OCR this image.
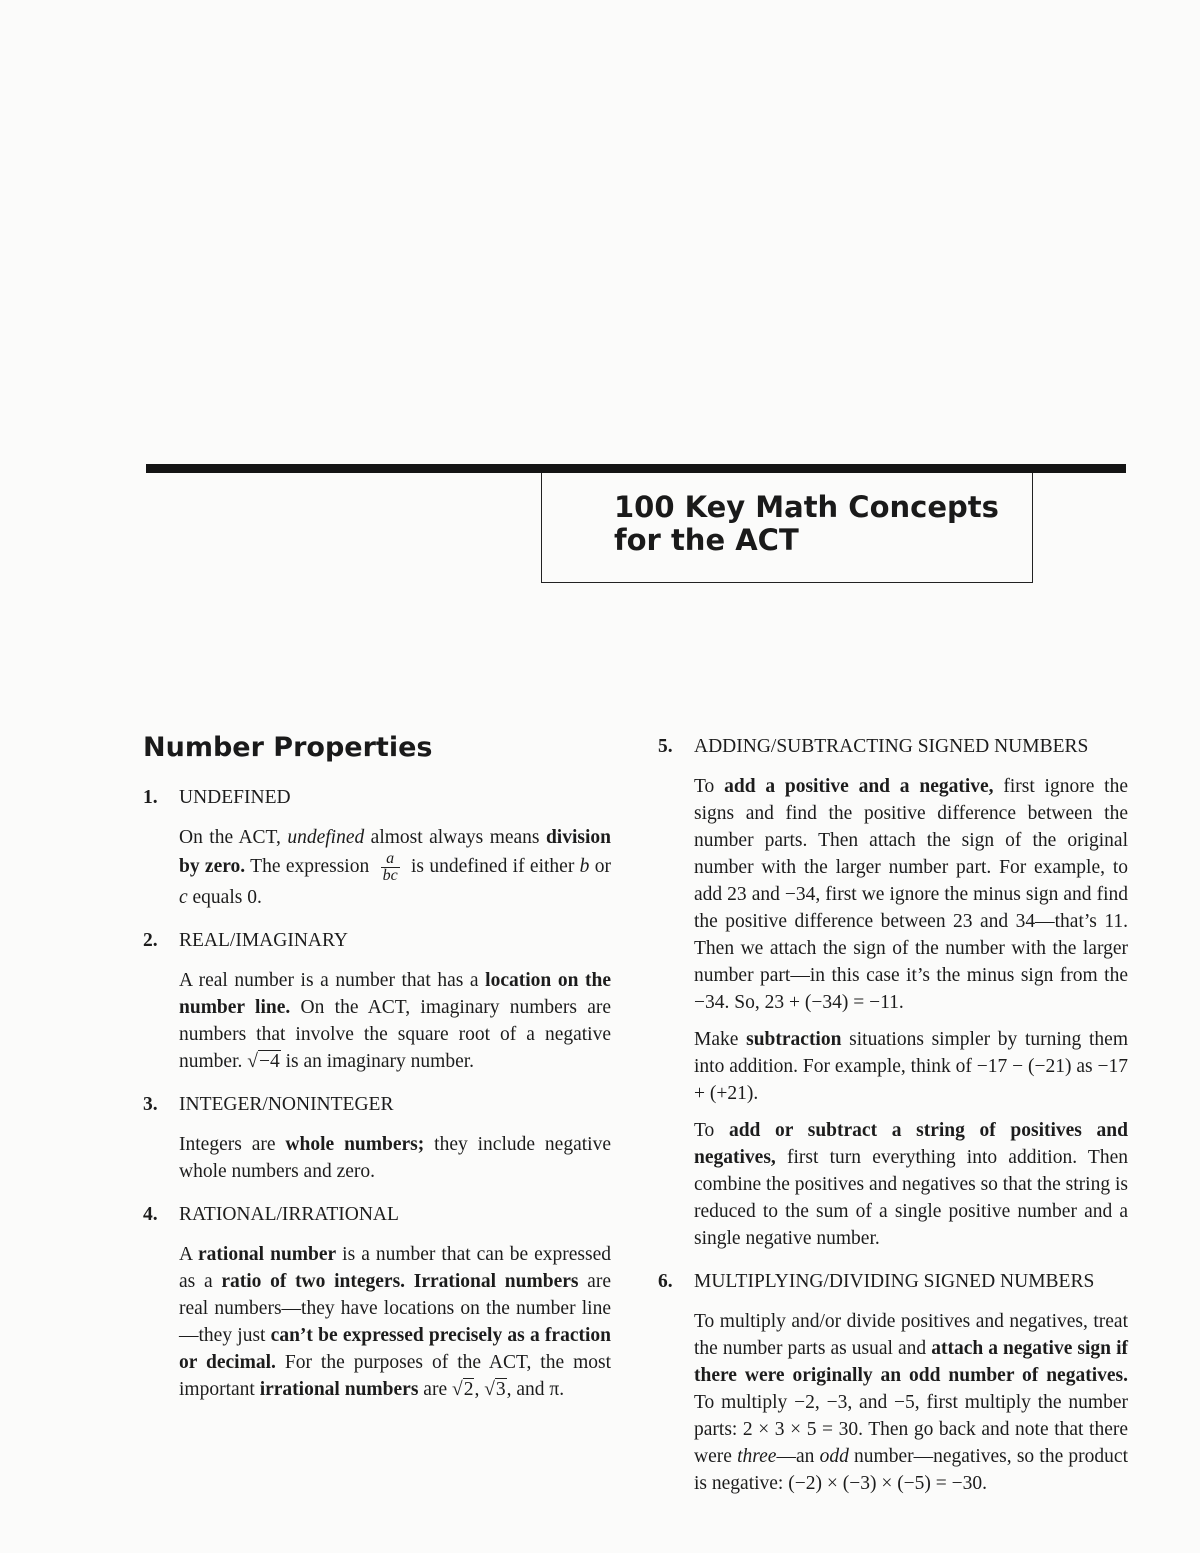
100 Key Math Concepts
for the ACT
Number Properties
1.	UNDEFINED

On the ACT, undefined almost always means division by zero. The expression $\frac{a}{bc}$ is undefined if either b or c equals 0.

2.	REAL/IMAGINARY

A real number is a number that has a location on the number line. On the ACT, imaginary numbers are numbers that involve the square root of a negative number. √−4 is an imaginary number.

3.	INTEGER/NONINTEGER

Integers are whole numbers; they include negative whole numbers and zero.

4.	RATIONAL/IRRATIONAL

A rational number is a number that can be expressed as a ratio of two integers. Irrational numbers are real numbers—they have locations on the number line—they just can’t be expressed precisely as a fraction or decimal. For the purposes of the ACT, the most important irrational numbers are √2, √3, and π.

5.	ADDING/SUBTRACTING SIGNED NUMBERS

To add a positive and a negative, first ignore the signs and find the positive difference between the number parts. Then attach the sign of the original number with the larger number part. For example, to add 23 and −34, first we ignore the minus sign and find the positive difference between 23 and 34—that’s 11. Then we attach the sign of the number with the larger number part—in this case it’s the minus sign from the −34. So, 23 + (−34) = −11.

Make subtraction situations simpler by turning them into addition. For example, think of −17 − (−21) as −17 + (+21).

To add or subtract a string of positives and negatives, first turn everything into addition. Then combine the positives and negatives so that the string is reduced to the sum of a single positive number and a single negative number.

6.	MULTIPLYING/DIVIDING SIGNED NUMBERS

To multiply and/or divide positives and negatives, treat the number parts as usual and attach a negative sign if there were originally an odd number of negatives. To multiply −2, −3, and −5, first multiply the number parts: 2 × 3 × 5 = 30. Then go back and note that there were three—an odd number—negatives, so the product is negative: (−2) × (−3) × (−5) = −30.
